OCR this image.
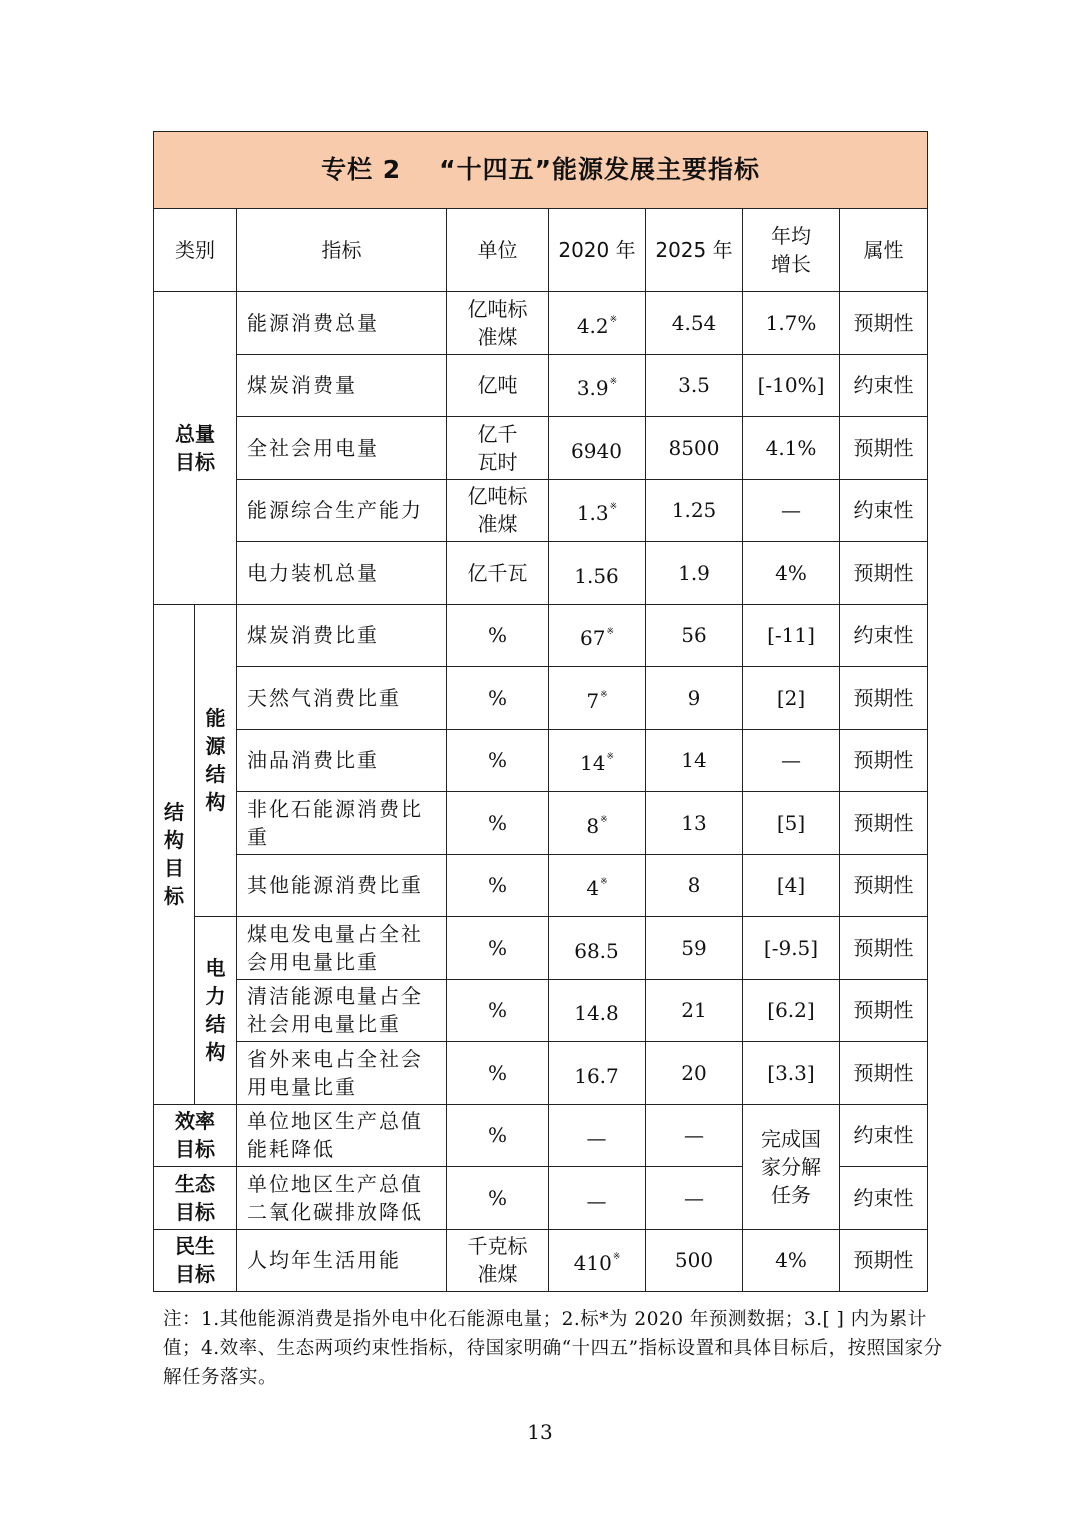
专栏 2 “十四五”能源发展主要指标							
类别		指标	单位	2020 年	2025 年	年均增长	属性
总量目标		能源消费总量	亿吨标准煤	4.2※	4.54	1.7%	预期性
		煤炭消费量	亿吨	3.9※	3.5	[-10%]	约束性
		全社会用电量	亿千瓦时	6940	8500	4.1%	预期性
		能源综合生产能力	亿吨标准煤	1.3※	1.25	—	约束性
		电力装机总量	亿千瓦	1.56	1.9	4%	预期性
结构目标	能源结构	煤炭消费比重	%	67※	56	[-11]	约束性
		天然气消费比重	%	7※	9	[2]	预期性
		油品消费比重	%	14※	14	—	预期性
		非化石能源消费比重	%	8※	13	[5]	预期性
		其他能源消费比重	%	4※	8	[4]	预期性
	电力结构	煤电发电量占全社会用电量比重	%	68.5	59	[-9.5]	预期性
		清洁能源电量占全社会用电量比重	%	14.8	21	[6.2]	预期性
		省外来电占全社会用电量比重	%	16.7	20	[3.3]	预期性
效率目标		单位地区生产总值能耗降低	%	—	—	完成国家分解任务	约束性
生态目标		单位地区生产总值二氧化碳排放降低	%	—	—		约束性
民生目标		人均年生活用能	千克标准煤	410※	500	4%	预期性
注：1.其他能源消费是指外电中化石能源电量；2.标*为 2020 年预测数据；3.[ ] 内为累计值；4.效率、生态两项约束性指标，待国家明确“十四五”指标设置和具体目标后，按照国家分解任务落实。
13
